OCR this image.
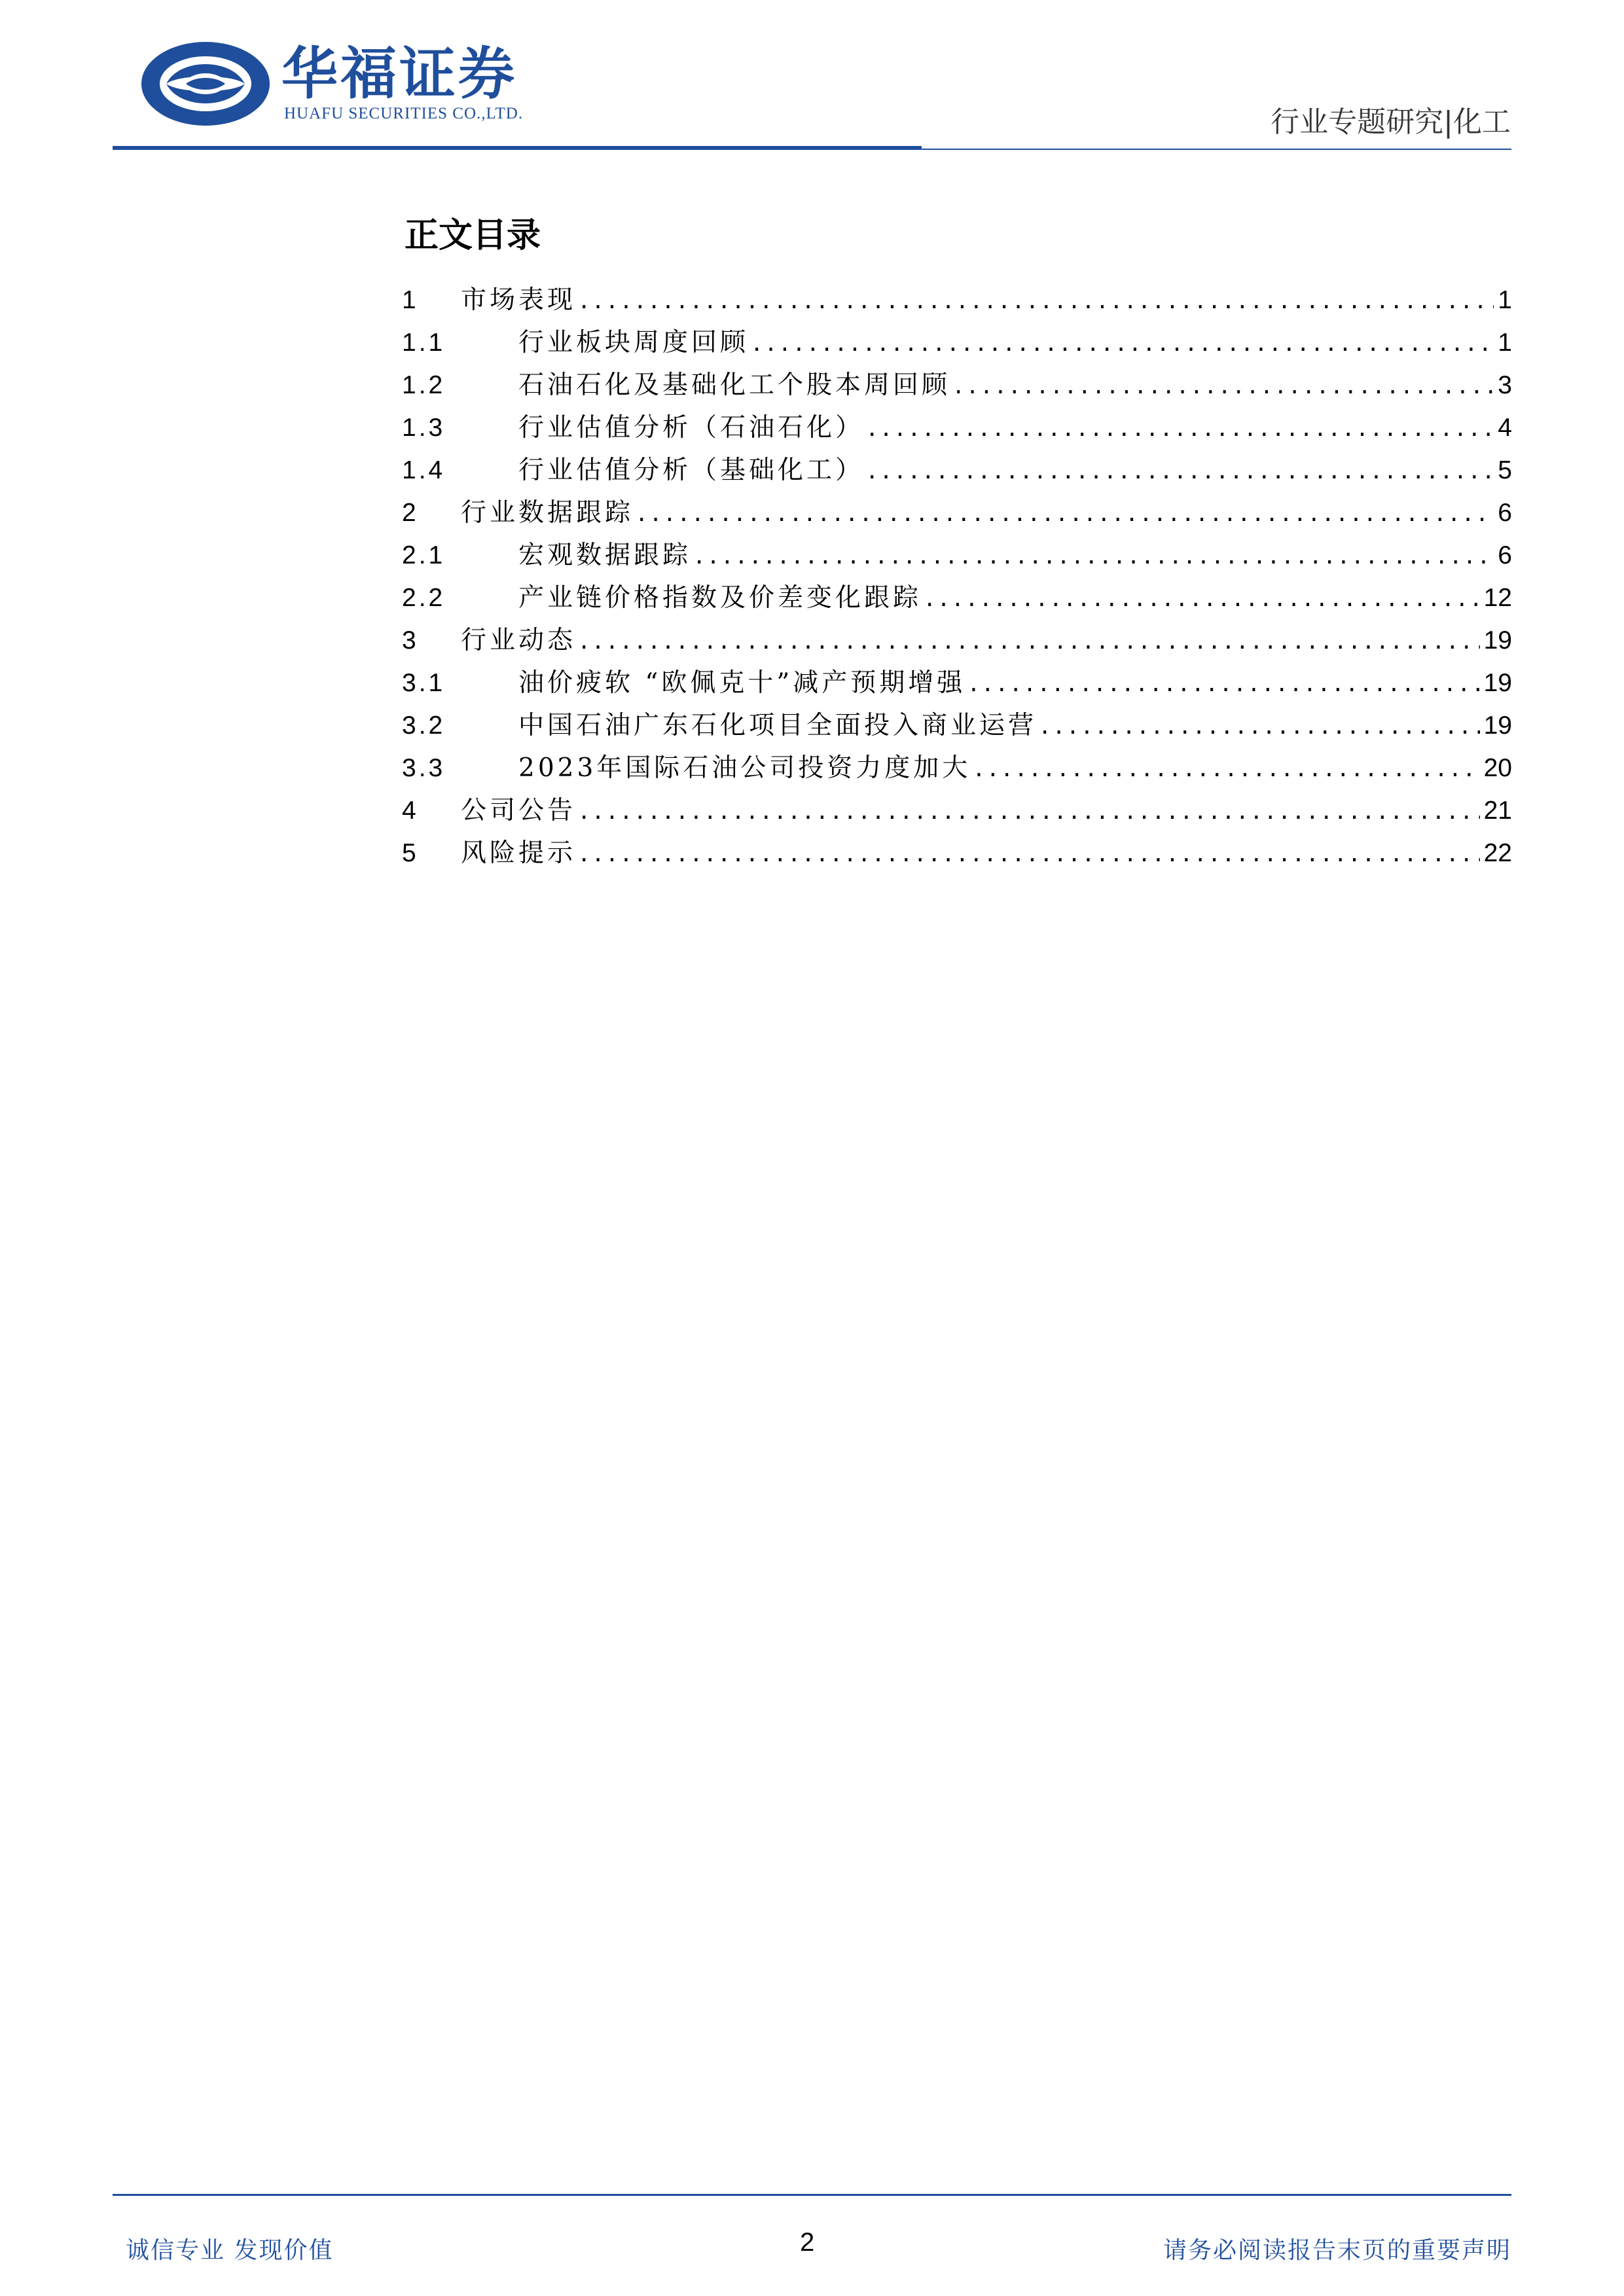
华福证券
HUAFU SECURITIES CO.,LTD.	行业专题研究|化工
正文目录
1	市场表现 .....	1
1.1	行业板块周度回顾 .....	1
1.2	石油石化及基础化工个股本周回顾 .....	3
1.3	行业估值分析（石油石化） .....	4
1.4	行业估值分析（基础化工） .....	5
2	行业数据跟踪 .....	6
2.1	宏观数据跟踪 .....	6
2.2	产业链价格指数及价差变化跟踪 .....	12
3	行业动态 .....	19
3.1	油价疲软 “欧佩克十”减产预期增强 .....	19
3.2	中国石油广东石化项目全面投入商业运营 .....	19
3.3	2023年国际石油公司投资力度加大 .....	20
4	公司公告 .....	21
5	风险提示 .....	22
诚信专业 发现价值	2	请务必阅读报告末页的重要声明
